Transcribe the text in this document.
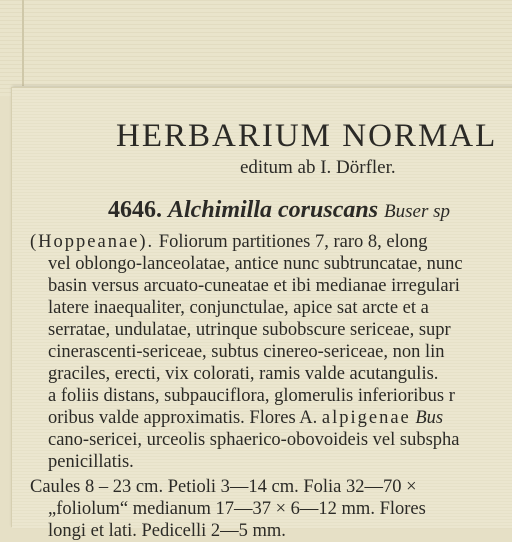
HERBARIUM NORMAL
editum ab I. Dörfler.
4646. Alchimilla coruscans Buser sp
(Hoppeanae). Foliorum partitiones 7, raro 8, elong
vel oblongo-lanceolatae, antice nunc subtruncatae, nunc
basin versus arcuato-cuneatae et ibi medianae irregulari
latere inaequaliter, conjunctulae, apice sat arcte et a
serratae, undulatae, utrinque subobscure sericeae, supr
cinerascenti-sericeae, subtus cinereo-sericeae, non lin
graciles, erecti, vix colorati, ramis valde acutangulis.
a foliis distans, subpauciflora, glomerulis inferioribus r
oribus valde approximatis. Flores A. alpigenae Bus
cano-sericei, urceolis sphaerico-obovoideis vel subspha
penicillatis.
Caules 8 – 23 cm. Petioli 3—14 cm. Folia 32—70 ×
„foliolum“ medianum 17—37 × 6—12 mm. Flores
longi et lati. Pedicelli 2—5 mm.
